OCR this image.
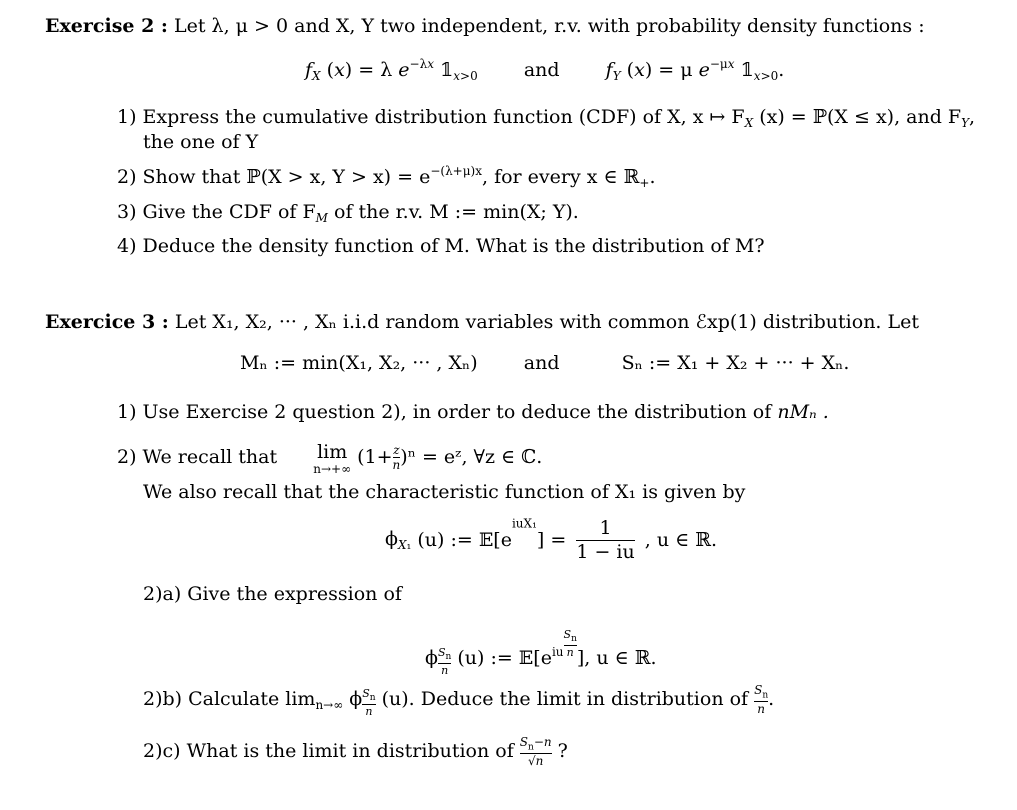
Exercise 2 : Let λ, μ > 0 and X, Y two independent, r.v. with probability density functions :
$f_X$ (x) = λ $e^{-\lambda x}$ $𝟙_{x>0}$ and $f_Y$ (x) = μ $e^{-\mu x}$ $𝟙_{x>0}$.
1) Express the cumulative distribution function (CDF) of X, x ↦ $F_X$ (x) = ℙ(X ≤ x), and $F_Y$,
the one of Y
2) Show that ℙ(X > x, $Y > x) = e^{-(\lambda+\mu)x}$, for every x ∈ ℝ$_+$.
3) Give the CDF of $F_M$ of the r.v. M := min(X; Y).
4) Deduce the density function of M. What is the distribution of M?
Exercice 3 : Let X₁, X₂, ··· , Xₙ i.i.d random variables with common ℰxp(1) distribution. Let
Mₙ := min(X₁, X₂, ··· , Xₙ) and	Sₙ := X₁ + X₂ + ··· + Xₙ.
1) Use Exercise 2 question 2), in order to deduce the distribution of nMₙ .
2) We recall that lim
n→+∞
$(1+ \frac{z}{n} )^n$ = eᶻ, ∀z ∈ ℂ.
We also recall that the characteristic function of X₁ is given by
$\phi_{X_1}$ (u) := $𝔼[e^{iuX_1}] = \frac{1}{1 - iu}$ , u ∈ ℝ.
2)a) Give the expression of
ϕ $\frac{S_n}{n} (u)$ := $𝔼[e^{iu} \frac{S_n}{n}$ ], u ∈ ℝ.
2)b) Calculate $\lim_{n\to\infty} \phi \frac{S_n}{n} (u)$. Deduce the limit in distribution of $\frac{S_n}{n}$ .
2)c) What is the limit in distribution of $\frac{S_n-n}{√n}$ ?
